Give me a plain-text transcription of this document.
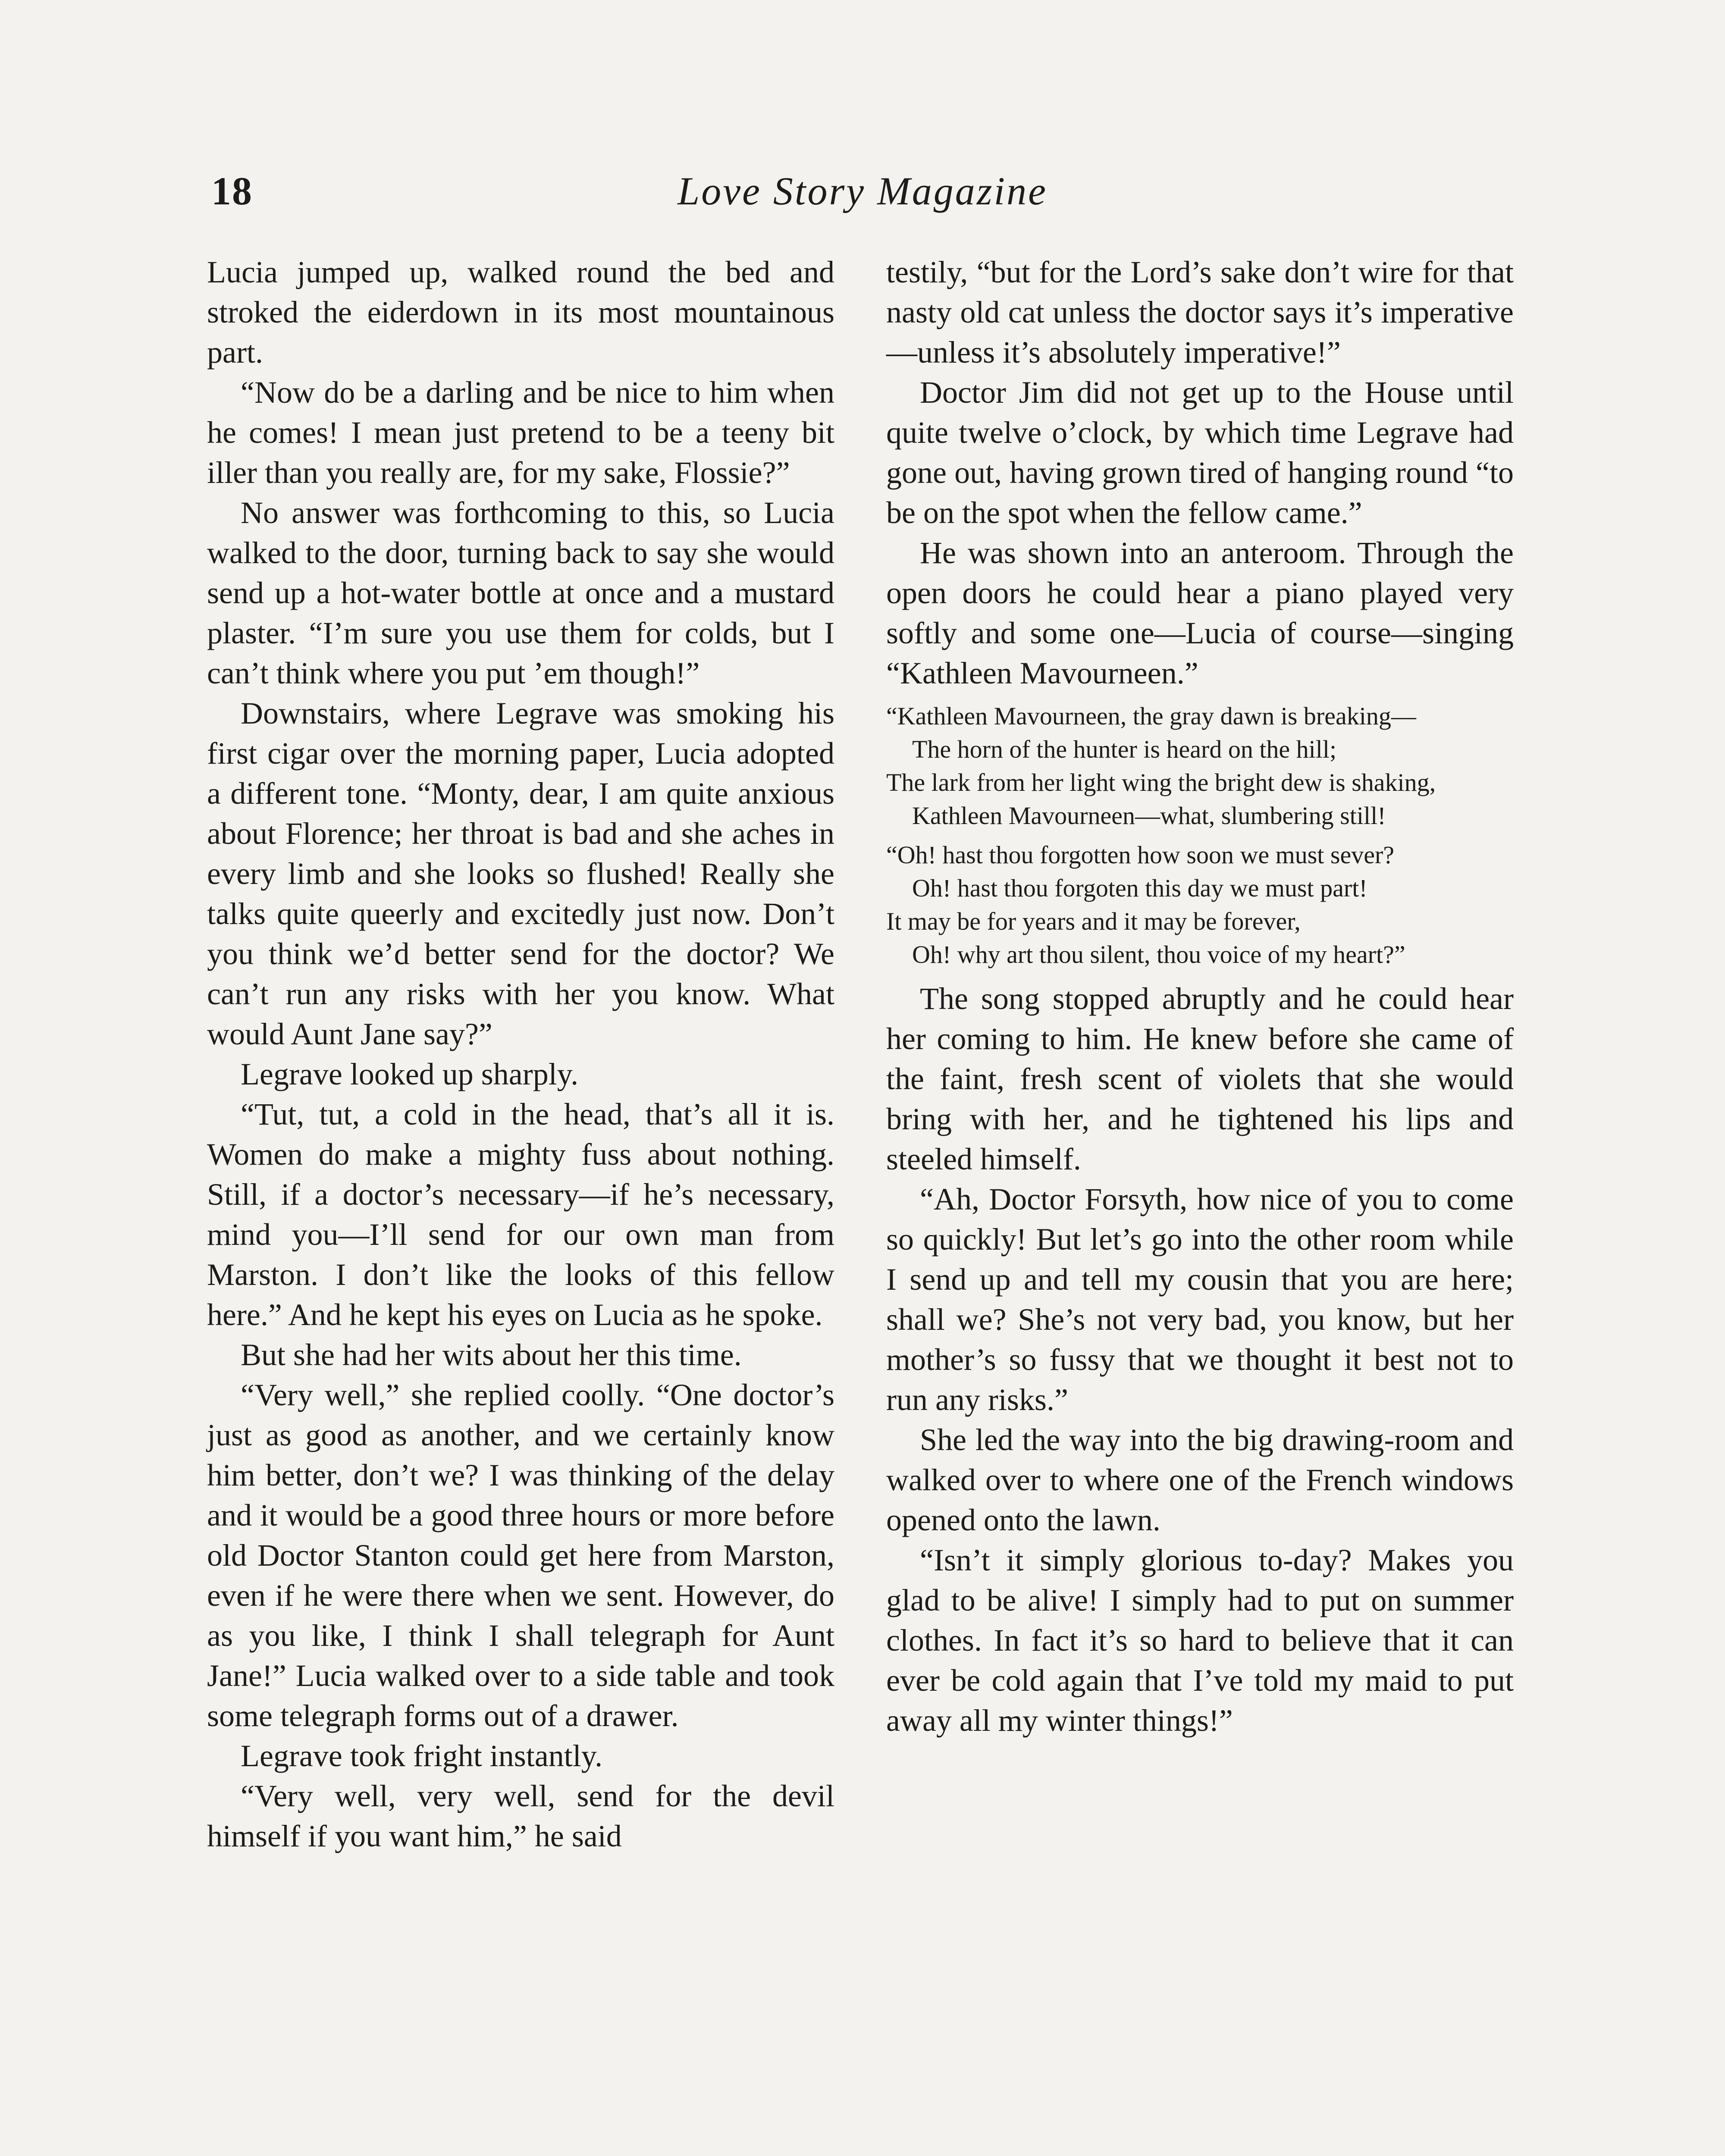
18	Love Story Magazine

Lucia jumped up, walked round the bed and stroked the eiderdown in its most mountainous part.

“Now do be a darling and be nice to him when he comes! I mean just pretend to be a teeny bit iller than you really are, for my sake, Flossie?”

No answer was forthcoming to this, so Lucia walked to the door, turning back to say she would send up a hot-water bottle at once and a mustard plaster. “I’m sure you use them for colds, but I can’t think where you put ’em though!”

Downstairs, where Legrave was smoking his first cigar over the morning paper, Lucia adopted a different tone. “Monty, dear, I am quite anxious about Florence; her throat is bad and she aches in every limb and she looks so flushed! Really she talks quite queerly and excitedly just now. Don’t you think we’d better send for the doctor? We can’t run any risks with her you know. What would Aunt Jane say?”

Legrave looked up sharply.

“Tut, tut, a cold in the head, that’s all it is. Women do make a mighty fuss about nothing. Still, if a doctor’s necessary—if he’s necessary, mind you—I’ll send for our own man from Marston. I don’t like the looks of this fellow here.” And he kept his eyes on Lucia as he spoke.

But she had her wits about her this time.

“Very well,” she replied coolly. “One doctor’s just as good as another, and we certainly know him better, don’t we? I was thinking of the delay and it would be a good three hours or more before old Doctor Stanton could get here from Marston, even if he were there when we sent. However, do as you like, I think I shall telegraph for Aunt Jane!” Lucia walked over to a side table and took some telegraph forms out of a drawer.

Legrave took fright instantly.

“Very well, very well, send for the devil himself if you want him,” he said

testily, “but for the Lord’s sake don’t wire for that nasty old cat unless the doctor says it’s imperative—unless it’s absolutely imperative!”

Doctor Jim did not get up to the House until quite twelve o’clock, by which time Legrave had gone out, having grown tired of hanging round “to be on the spot when the fellow came.”

He was shown into an anteroom. Through the open doors he could hear a piano played very softly and some one—Lucia of course—singing “Kathleen Mavourneen.”

“Kathleen Mavourneen, the gray dawn is breaking—
The horn of the hunter is heard on the hill;
The lark from her light wing the bright dew is shaking,
Kathleen Mavourneen—what, slumbering still!
“Oh! hast thou forgotten how soon we must sever?
Oh! hast thou forgoten this day we must part!
It may be for years and it may be forever,
Oh! why art thou silent, thou voice of my heart?”

The song stopped abruptly and he could hear her coming to him. He knew before she came of the faint, fresh scent of violets that she would bring with her, and he tightened his lips and steeled himself.

“Ah, Doctor Forsyth, how nice of you to come so quickly! But let’s go into the other room while I send up and tell my cousin that you are here; shall we? She’s not very bad, you know, but her mother’s so fussy that we thought it best not to run any risks.”

She led the way into the big drawing-room and walked over to where one of the French windows opened onto the lawn.

“Isn’t it simply glorious to-day? Makes you glad to be alive! I simply had to put on summer clothes. In fact it’s so hard to believe that it can ever be cold again that I’ve told my maid to put away all my winter things!”
